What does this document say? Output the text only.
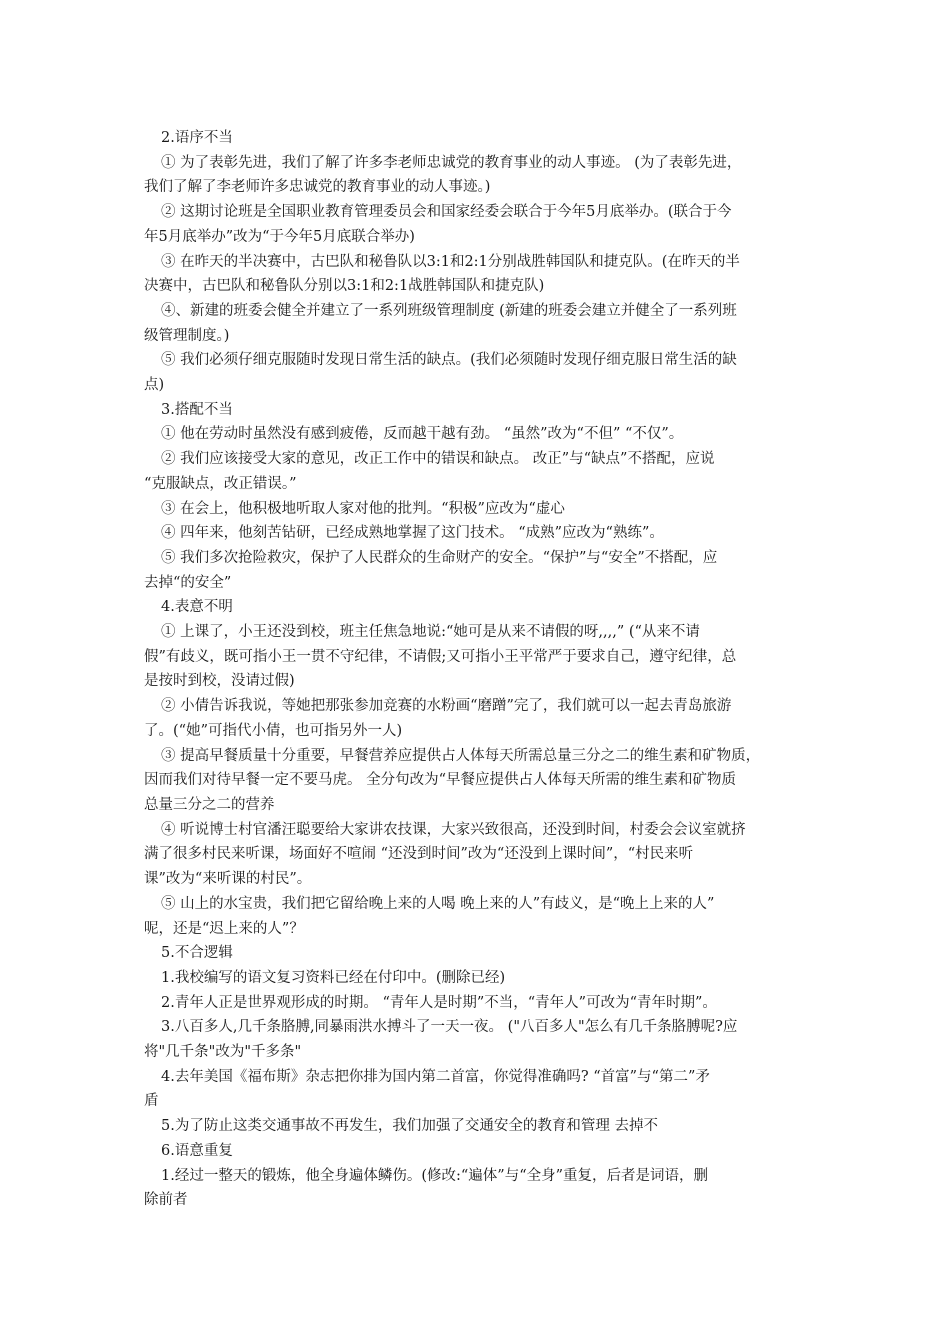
2.语序不当
① 为了表彰先进，我们了解了许多李老师忠诚党的教育事业的动人事迹。 (为了表彰先进，
我们了解了李老师许多忠诚党的教育事业的动人事迹。)
② 这期讨论班是全国职业教育管理委员会和国家经委会联合于今年5月底举办。(联合于今
年5月底举办”改为“于今年5月底联合举办)
③ 在昨天的半决赛中，古巴队和秘鲁队以3:1和2:1分别战胜韩国队和捷克队。(在昨天的半
决赛中，古巴队和秘鲁队分别以3:1和2:1战胜韩国队和捷克队)
④、新建的班委会健全并建立了一系列班级管理制度 (新建的班委会建立并健全了一系列班
级管理制度。)
⑤ 我们必须仔细克服随时发现日常生活的缺点。(我们必须随时发现仔细克服日常生活的缺
点)
3.搭配不当
① 他在劳动时虽然没有感到疲倦，反而越干越有劲。 “虽然”改为“不但” “不仅”。
② 我们应该接受大家的意见，改正工作中的错误和缺点。 改正”与“缺点”不搭配，应说
“克服缺点，改正错误。”
③ 在会上，他积极地听取人家对他的批判。“积极”应改为“虚心
④ 四年来，他刻苦钻研，已经成熟地掌握了这门技术。 “成熟”应改为“熟练”。
⑤ 我们多次抢险救灾，保护了人民群众的生命财产的安全。“保护”与“安全”不搭配，应
去掉“的安全”
4.表意不明
① 上课了，小王还没到校，班主任焦急地说:“她可是从来不请假的呀,,,,” (“从来不请
假”有歧义，既可指小王一贯不守纪律，不请假;又可指小王平常严于要求自己，遵守纪律，总
是按时到校，没请过假)
② 小倩告诉我说，等她把那张参加竞赛的水粉画“磨蹭”完了，我们就可以一起去青岛旅游
了。(“她”可指代小倩，也可指另外一人)
③ 提高早餐质量十分重要，早餐营养应提供占人体每天所需总量三分之二的维生素和矿物质，
因而我们对待早餐一定不要马虎。 全分句改为“早餐应提供占人体每天所需的维生素和矿物质
总量三分之二的营养
④ 听说博士村官潘汪聪要给大家讲农技课，大家兴致很高，还没到时间，村委会会议室就挤
满了很多村民来听课，场面好不喧闹 “还没到时间”改为“还没到上课时间”，“村民来听
课”改为“来听课的村民”。
⑤ 山上的水宝贵，我们把它留给晚上来的人喝 晚上来的人”有歧义，是“晚上上来的人”
呢，还是“迟上来的人”？
5.不合逻辑
1.我校编写的语文复习资料已经在付印中。(删除已经)
2.青年人正是世界观形成的时期。 “青年人是时期”不当，“青年人”可改为“青年时期”。
3.八百多人,几千条胳膊,同暴雨洪水搏斗了一天一夜。 ("八百多人"怎么有几千条胳膊呢?应
将"几千条"改为"千多条"
4.去年美国《福布斯》杂志把你排为国内第二首富，你觉得准确吗? “首富”与“第二”矛
盾
5.为了防止这类交通事故不再发生，我们加强了交通安全的教育和管理 去掉不
6.语意重复
1.经过一整天的锻炼，他全身遍体鳞伤。(修改:“遍体”与“全身”重复，后者是词语，删
除前者
